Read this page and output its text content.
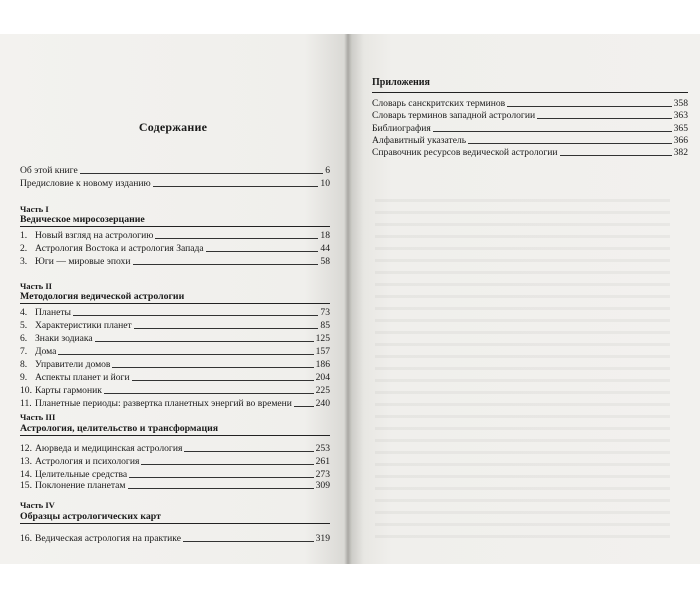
Содержание
Об этой книге	6
Предисловие к новому изданию	10
Часть I
Ведическое миросозерцание
1. Новый взгляд на астрологию	18
2. Астрология Востока и астрология Запада	44
3. Юги — мировые эпохи	58
Часть II
Методология ведической астрологии
4. Планеты	73
5. Характеристики планет	85
6. Знаки зодиака	125
7. Дома	157
8. Управители домов	186
9. Аспекты планет и йоги	204
10. Карты гармоник	225
11. Планетные периоды: развертка планетных энергий во времени 240
Часть III
Астрология, целительство и трансформация
12. Аюрведа и медицинская астрология	253
13. Астрология и психология	261
14. Целительные средства	273
15. Поклонение планетам	309
Часть IV
Образцы астрологических карт
16. Ведическая астрология на практике	319
Приложения
Словарь санскритских терминов	358
Словарь терминов западной астрологии	363
Библиография	365
Алфавитный указатель	366
Справочник ресурсов ведической астрологии	382
